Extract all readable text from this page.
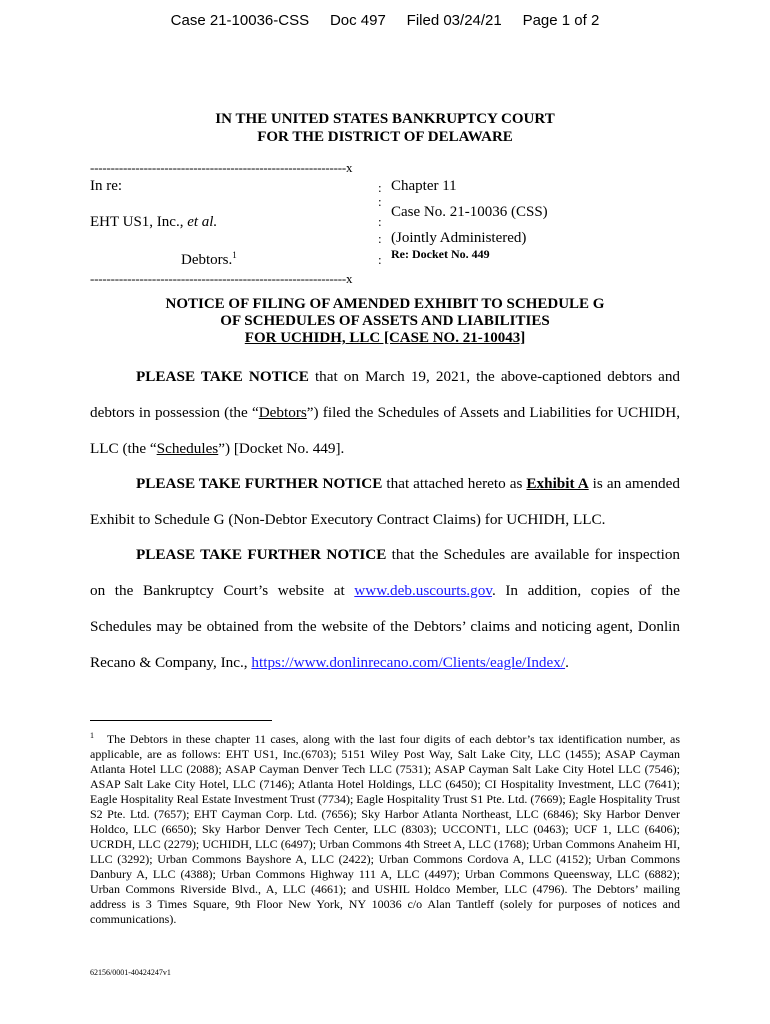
Case 21-10036-CSS Doc 497 Filed 03/24/21 Page 1 of 2
IN THE UNITED STATES BANKRUPTCY COURT
FOR THE DISTRICT OF DELAWARE
--------------------------------------------------------------x
In re:
EHT US1, Inc., et al.
Debtors.$^1$
:
:
:
:
:
Chapter 11
Case No. 21-10036 (CSS)
(Jointly Administered)
Re: Docket No. 449
--------------------------------------------------------------x
NOTICE OF FILING OF AMENDED EXHIBIT TO SCHEDULE G
OF SCHEDULES OF ASSETS AND LIABILITIES
FOR UCHIDH, LLC [CASE NO. 21-10043]
PLEASE TAKE NOTICE that on March 19, 2021, the above-captioned debtors and debtors in possession (the “Debtors”) filed the Schedules of Assets and Liabilities for UCHIDH, LLC (the “Schedules”) [Docket No. 449].
PLEASE TAKE FURTHER NOTICE that attached hereto as Exhibit A is an amended Exhibit to Schedule G (Non-Debtor Executory Contract Claims) for UCHIDH, LLC.
PLEASE TAKE FURTHER NOTICE that the Schedules are available for inspection on the Bankruptcy Court’s website at www.deb.uscourts.gov. In addition, copies of the Schedules may be obtained from the website of the Debtors’ claims and noticing agent, Donlin Recano & Company, Inc., https://www.donlinrecano.com/Clients/eagle/Index/.
$^1$ The Debtors in these chapter 11 cases, along with the last four digits of each debtor’s tax identification number, as applicable, are as follows: EHT US1, Inc.(6703); 5151 Wiley Post Way, Salt Lake City, LLC (1455); ASAP Cayman Atlanta Hotel LLC (2088); ASAP Cayman Denver Tech LLC (7531); ASAP Cayman Salt Lake City Hotel LLC (7546); ASAP Salt Lake City Hotel, LLC (7146); Atlanta Hotel Holdings, LLC (6450); CI Hospitality Investment, LLC (7641); Eagle Hospitality Real Estate Investment Trust (7734); Eagle Hospitality Trust S1 Pte. Ltd. (7669); Eagle Hospitality Trust S2 Pte. Ltd. (7657); EHT Cayman Corp. Ltd. (7656); Sky Harbor Atlanta Northeast, LLC (6846); Sky Harbor Denver Holdco, LLC (6650); Sky Harbor Denver Tech Center, LLC (8303); UCCONT1, LLC (0463); UCF 1, LLC (6406); UCRDH, LLC (2279); UCHIDH, LLC (6497); Urban Commons 4th Street A, LLC (1768); Urban Commons Anaheim HI, LLC (3292); Urban Commons Bayshore A, LLC (2422); Urban Commons Cordova A, LLC (4152); Urban Commons Danbury A, LLC (4388); Urban Commons Highway 111 A, LLC (4497); Urban Commons Queensway, LLC (6882); Urban Commons Riverside Blvd., A, LLC (4661); and USHIL Holdco Member, LLC (4796). The Debtors’ mailing address is 3 Times Square, 9th Floor New York, NY 10036 c/o Alan Tantleff (solely for purposes of notices and communications).
62156/0001-40424247v1
